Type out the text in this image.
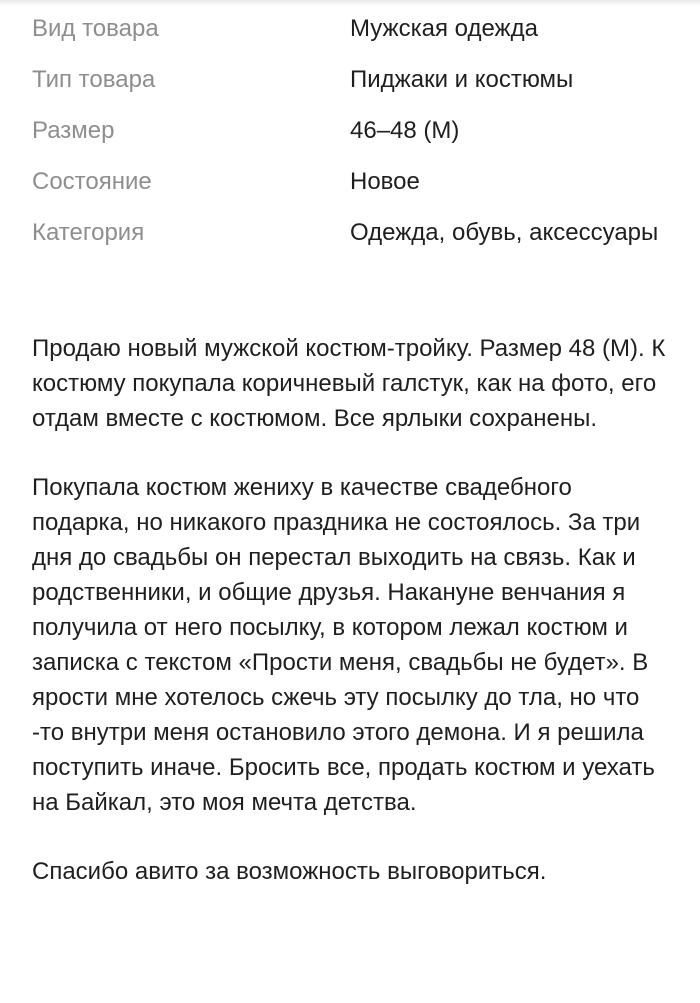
Вид товара	Мужская одежда
Тип товара	Пиджаки и костюмы
Размер	46–48 (M)
Состояние	Новое
Категория	Одежда, обувь, аксессуары

Продаю новый мужской костюм-тройку. Размер 48 (M). К костюму покупала коричневый галстук, как на фото, его отдам вместе с костюмом. Все ярлыки сохранены.

Покупала костюм жениху в качестве свадебного подарка, но никакого праздника не состоялось. За три дня до свадьбы он перестал выходить на связь. Как и родственники, и общие друзья. Накануне венчания я получила от него посылку, в котором лежал костюм и записка с текстом «Прости меня, свадьбы не будет». В ярости мне хотелось сжечь эту посылку до тла, но что -то внутри меня остановило этого демона. И я решила поступить иначе. Бросить все, продать костюм и уехать на Байкал, это моя мечта детства.

Спасибо авито за возможность выговориться.
